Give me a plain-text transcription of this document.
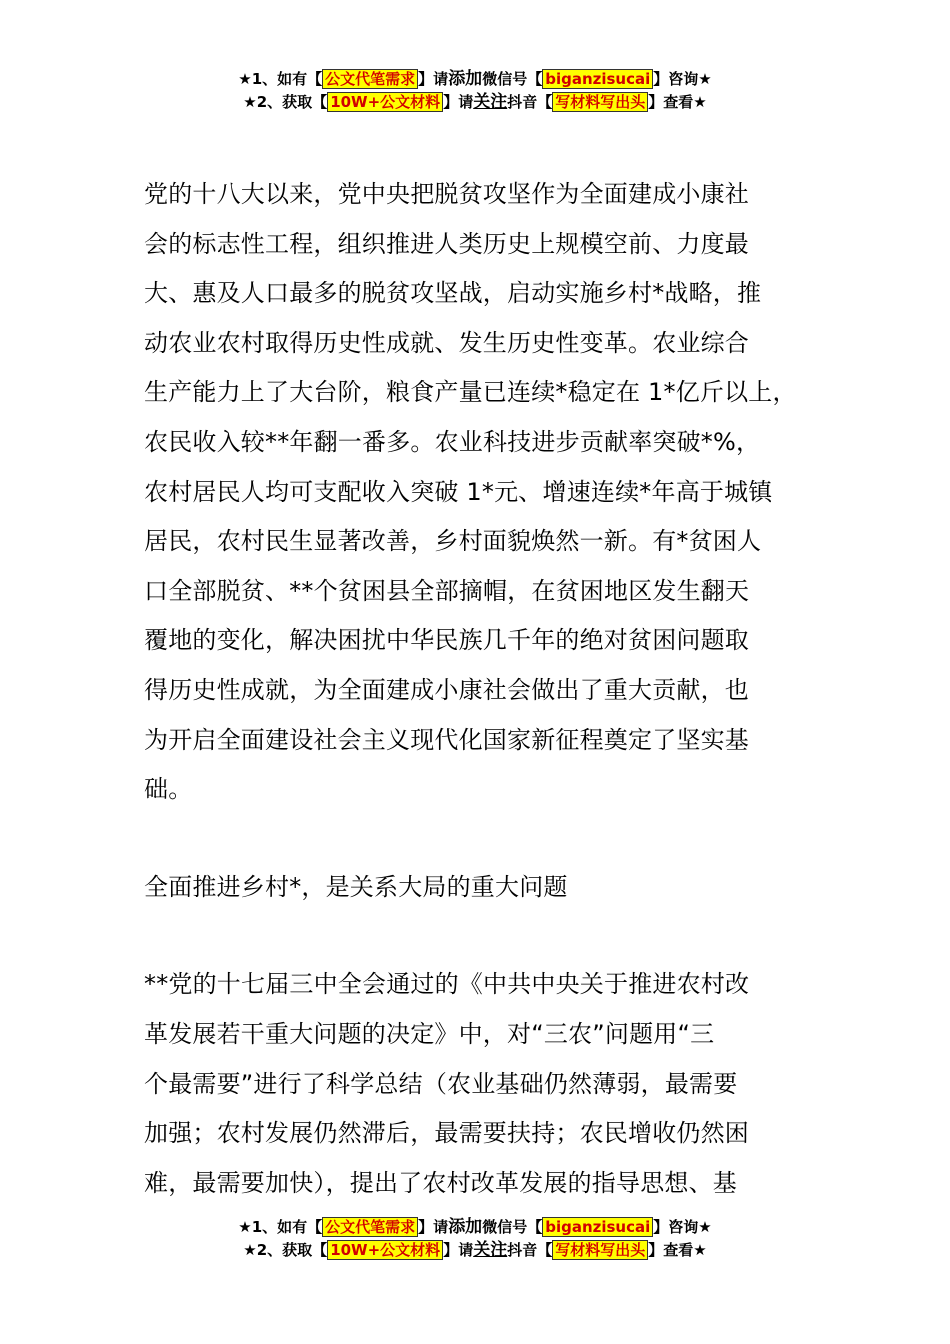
★1、如有【 公文代笔需求 】请添加微信号【 biganzisucai 】咨询★
★2、获取【 10W+公文材料 】请关注抖音【 写材料写出头 】查看★
党的十八大以来，党中央把脱贫攻坚作为全面建成小康社
会的标志性工程，组织推进人类历史上规模空前、力度最
大、惠及人口最多的脱贫攻坚战，启动实施乡村*战略，推
动农业农村取得历史性成就、发生历史性变革。农业综合
生产能力上了大台阶，粮食产量已连续*稳定在 1*亿斤以上，
农民收入较**年翻一番多。农业科技进步贡献率突破*%，
农村居民人均可支配收入突破 1*元、增速连续*年高于城镇
居民，农村民生显著改善，乡村面貌焕然一新。有*贫困人
口全部脱贫、**个贫困县全部摘帽，在贫困地区发生翻天
覆地的变化，解决困扰中华民族几千年的绝对贫困问题取
得历史性成就，为全面建成小康社会做出了重大贡献，也
为开启全面建设社会主义现代化国家新征程奠定了坚实基
础。
全面推进乡村*，是关系大局的重大问题
**党的十七届三中全会通过的《中共中央关于推进农村改
革发展若干重大问题的决定》中，对“三农”问题用“三
个最需要”进行了科学总结（农业基础仍然薄弱，最需要
加强；农村发展仍然滞后，最需要扶持；农民增收仍然困
难，最需要加快），提出了农村改革发展的指导思想、基
★1、如有【 公文代笔需求 】请添加微信号【 biganzisucai 】咨询★
★2、获取【 10W+公文材料 】请关注抖音【 写材料写出头 】查看★
